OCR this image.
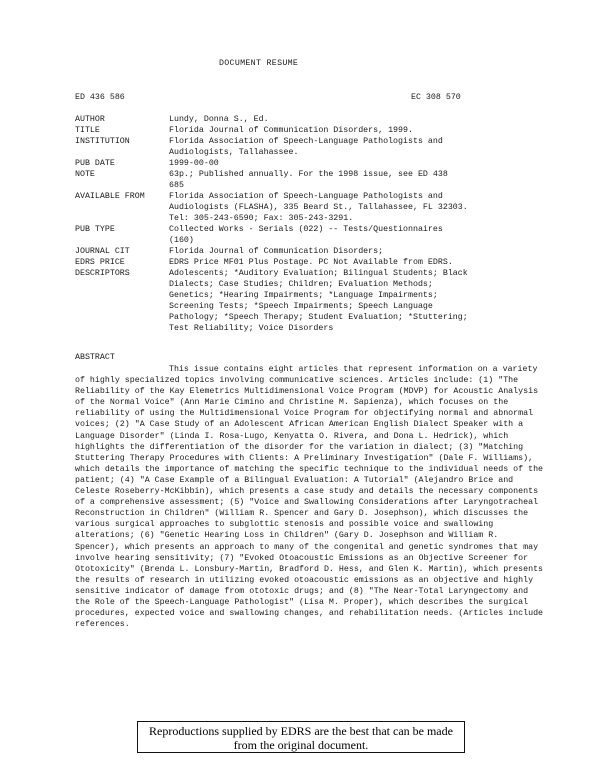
DOCUMENT RESUME
ED 436 586	EC 308 570
AUTHOR	Lundy, Donna S., Ed.
TITLE	Florida Journal of Communication Disorders, 1999.
INSTITUTION	Florida Association of Speech-Language Pathologists and
Audiologists, Tallahassee.
PUB DATE	1999-00-00
NOTE	63p.; Published annually. For the 1998 issue, see ED 438
685
AVAILABLE FROM	Florida Association of Speech-Language Pathologists and
Audiologists (FLASHA), 335 Beard St., Tallahassee, FL 32303.
Tel: 305-243-6590; Fax: 305-243-3291.
PUB TYPE	Collected Works - Serials (022) -- Tests/Questionnaires
(160)
JOURNAL CIT	Florida Journal of Communication Disorders;
EDRS PRICE	EDRS Price MF01 Plus Postage. PC Not Available from EDRS.
DESCRIPTORS	Adolescents; *Auditory Evaluation; Bilingual Students; Black
Dialects; Case Studies; Children; Evaluation Methods;
Genetics; *Hearing Impairments; *Language Impairments;
Screening Tests; *Speech Impairments; Speech Language
Pathology; *Speech Therapy; Student Evaluation; *Stuttering;
Test Reliability; Voice Disorders
ABSTRACT
This issue contains eight articles that represent information on a variety of highly specialized topics involving communicative sciences. Articles include: (1) "The Reliability of the Kay Elemetrics Multidimensional Voice Program (MDVP) for Acoustic Analysis of the Normal Voice" (Ann Marie Cimino and Christine M. Sapienza), which focuses on the reliability of using the Multidimensional Voice Program for objectifying normal and abnormal voices; (2) "A Case Study of an Adolescent African American English Dialect Speaker with a Language Disorder" (Linda I. Rosa-Lugo, Kenyatta O. Rivera, and Dona L. Hedrick), which highlights the differentiation of the disorder for the variation in dialect; (3) "Matching Stuttering Therapy Procedures with Clients: A Preliminary Investigation" (Dale F. Williams), which details the importance of matching the specific technique to the individual needs of the patient; (4) "A Case Example of a Bilingual Evaluation: A Tutorial" (Alejandro Brice and Celeste Roseberry-McKibbin), which presents a case study and details the necessary components of a comprehensive assessment; (5) "Voice and Swallowing Considerations after Laryngotracheal Reconstruction in Children" (William R. Spencer and Gary D. Josephson), which discusses the various surgical approaches to subglottic stenosis and possible voice and swallowing alterations; (6) "Genetic Hearing Loss in Children" (Gary D. Josephson and William R. Spencer), which presents an approach to many of the congenital and genetic syndromes that may involve hearing sensitivity; (7) "Evoked Otoacoustic Emissions as an Objective Screener for Ototoxicity" (Brenda L. Lonsbury-Martin, Bradford D. Hess, and Glen K. Martin), which presents the results of research in utilizing evoked otoacoustic emissions as an objective and highly sensitive indicator of damage from ototoxic drugs; and (8) "The Near-Total Laryngectomy and the Role of the Speech-Language Pathologist" (Lisa M. Proper), which describes the surgical procedures, expected voice and swallowing changes, and rehabilitation needs. (Articles include references.
Reproductions supplied by EDRS are the best that can be made
from the original document.
